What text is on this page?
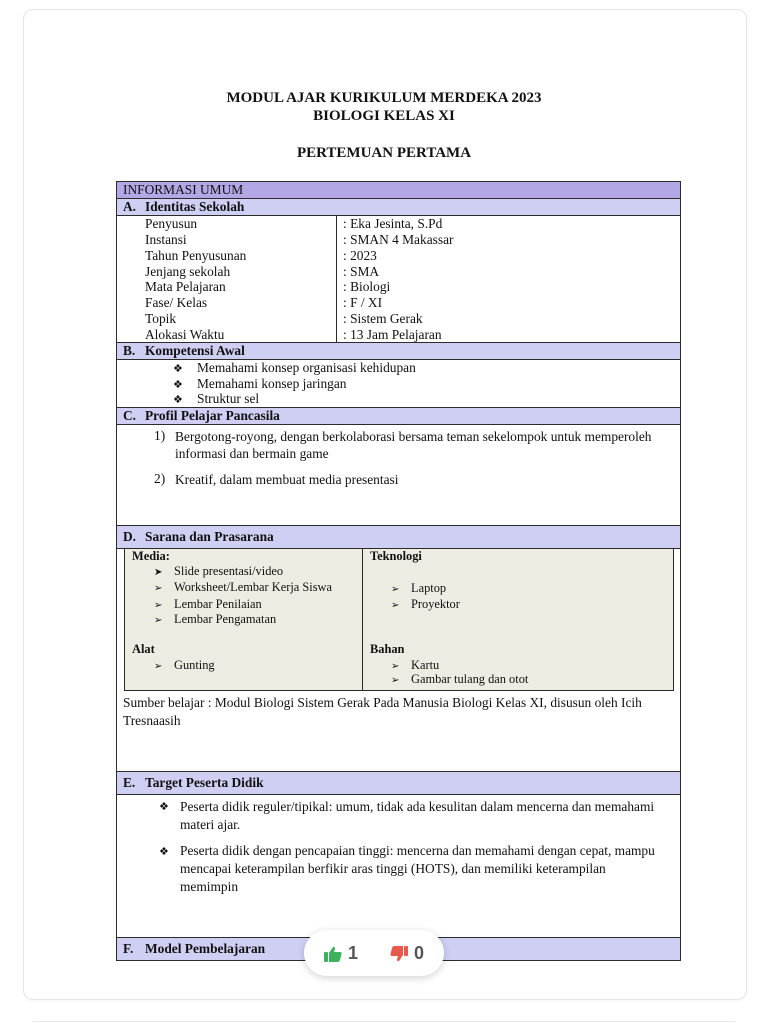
MODUL AJAR KURIKULUM MERDEKA 2023
BIOLOGI KELAS XI
PERTEMUAN PERTAMA
INFORMASI UMUM
A. Identitas Sekolah
Penyusun	: Eka Jesinta, S.Pd
Instansi	: SMAN 4 Makassar
Tahun Penyusunan	: 2023
Jenjang sekolah	: SMA
Mata Pelajaran	: Biologi
Fase/ Kelas	: F / XI
Topik	: Sistem Gerak
Alokasi Waktu	: 13 Jam Pelajaran
B. Kompetensi Awal
❖ Memahami konsep organisasi kehidupan
❖ Memahami konsep jaringan
❖ Struktur sel
C. Profil Pelajar Pancasila
1) Bergotong-royong, dengan berkolaborasi bersama teman sekelompok untuk memperoleh informasi dan bermain game
2) Kreatif, dalam membuat media presentasi
D. Sarana dan Prasarana
Media:
➤ Slide presentasi/video
➢ Worksheet/Lembar Kerja Siswa
➢ Lembar Penilaian
➢ Lembar Pengamatan
Alat
➢ Gunting
Teknologi
➢ Laptop
➢ Proyektor
Bahan
➢ Kartu
➢ Gambar tulang dan otot
Sumber belajar : Modul Biologi Sistem Gerak Pada Manusia Biologi Kelas XI, disusun oleh Icih Tresnaasih
E. Target Peserta Didik
❖ Peserta didik reguler/tipikal: umum, tidak ada kesulitan dalam mencerna dan memahami materi ajar.
❖ Peserta didik dengan pencapaian tinggi: mencerna dan memahami dengan cepat, mampu mencapai keterampilan berfikir aras tinggi (HOTS), dan memiliki keterampilan memimpin
F. Model Pembelajaran	1	0
